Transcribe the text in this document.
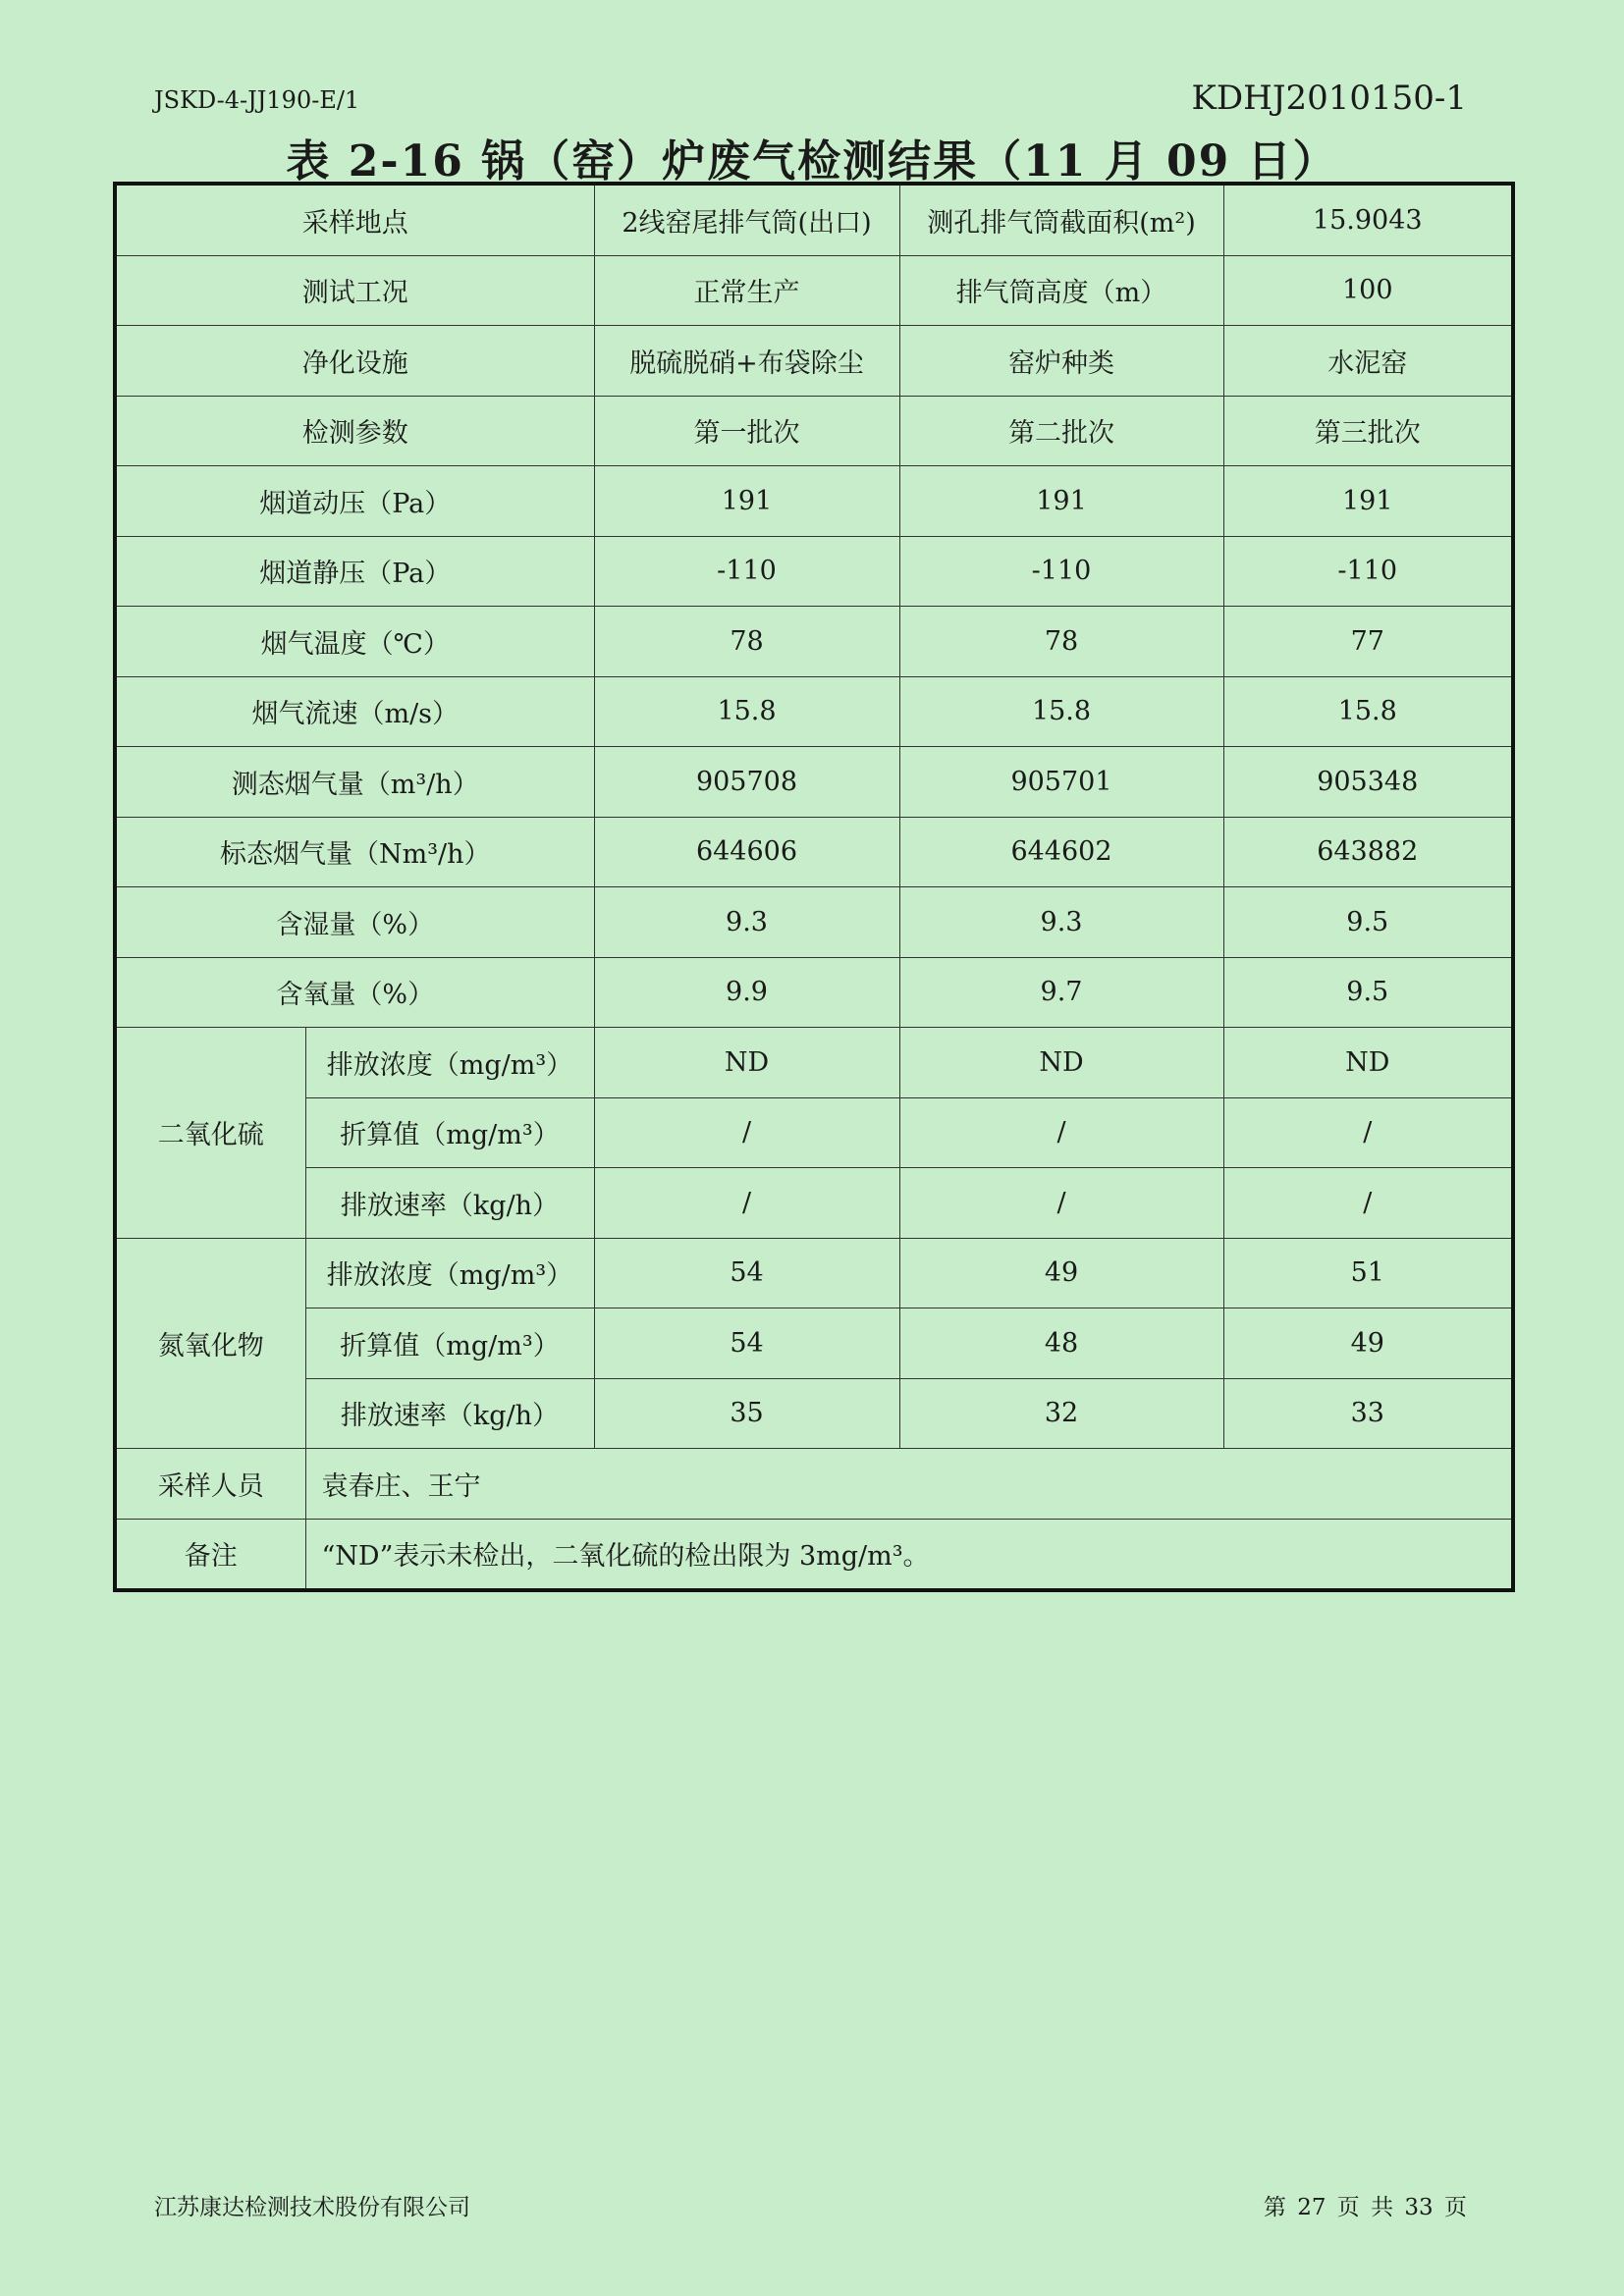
JSKD-4-JJ190-E/1	KDHJ2010150-1
表 2-16 锅（窑）炉废气检测结果（11 月 09 日）
采样地点		2线窑尾排气筒(出口)	测孔排气筒截面积(m²)	15.9043
测试工况		正常生产	排气筒高度（m）	100
净化设施		脱硫脱硝+布袋除尘	窑炉种类	水泥窑
检测参数		第一批次	第二批次	第三批次
烟道动压（Pa）		191	191	191
烟道静压（Pa）		-110	-110	-110
烟气温度（℃）		78	78	77
烟气流速（m/s）		15.8	15.8	15.8
测态烟气量（m³/h）		905708	905701	905348
标态烟气量（Nm³/h）		644606	644602	643882
含湿量（%）		9.3	9.3	9.5
含氧量（%）		9.9	9.7	9.5
二氧化硫	排放浓度（mg/m³）	ND	ND	ND
	折算值（mg/m³）	/	/	/
	排放速率（kg/h）	/	/	/
氮氧化物	排放浓度（mg/m³）	54	49	51
	折算值（mg/m³）	54	48	49
	排放速率（kg/h）	35	32	33
采样人员	袁春庄、王宁			
备注	“ND”表示未检出，二氧化硫的检出限为 3mg/m³。			
江苏康达检测技术股份有限公司	第 27 页 共 33 页
